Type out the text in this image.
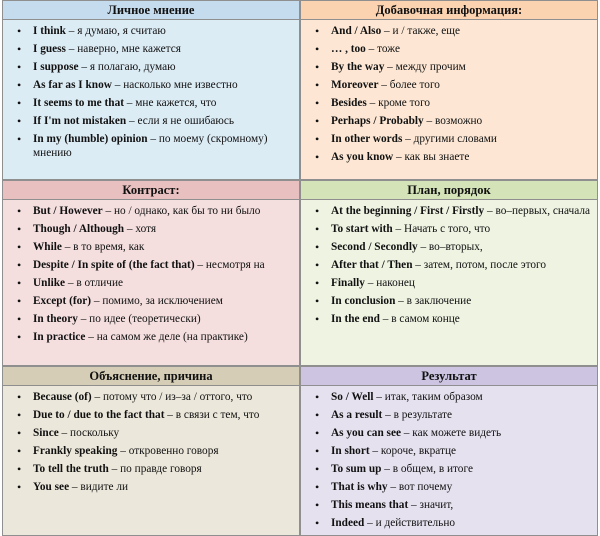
Личное мнение
• I think – я думаю, я считаю
• I guess – наверно, мне кажется
• I suppose – я полагаю, думаю
• As far as I know – насколько мне известно
• It seems to me that – мне кажется, что
• If I'm not mistaken – если я не ошибаюсь
• In my (humble) opinion – по моему (скромному) мнению
Добавочная информация:
• And / Also – и / также, еще
• … , too – тоже
• By the way – между прочим
• Moreover – более того
• Besides – кроме того
• Perhaps / Probably – возможно
• In other words – другими словами
• As you know – как вы знаете
Контраст:
• But / However – но / однако, как бы то ни было
• Though / Although – хотя
• While – в то время, как
• Despite / In spite of (the fact that) – несмотря на
• Unlike – в отличие
• Except (for) – помимо, за исключением
• In theory – по идее (теоретически)
• In practice – на самом же деле (на практике)
План, порядок
• At the beginning / First / Firstly – во–первых, сначала
• To start with – Начать с того, что
• Second / Secondly – во–вторых,
• After that / Then – затем, потом, после этого
• Finally – наконец
• In conclusion – в заключение
• In the end – в самом конце
Объяснение, причина
• Because (of) – потому что / из–за / оттого, что
• Due to / due to the fact that – в связи с тем, что
• Since – поскольку
• Frankly speaking – откровенно говоря
• To tell the truth – по правде говоря
• You see – видите ли
Результат
• So / Well – итак, таким образом
• As a result – в результате
• As you can see – как можете видеть
• In short – короче, вкратце
• To sum up – в общем, в итоге
• That is why – вот почему
• This means that – значит,
• Indeed – и действительно
